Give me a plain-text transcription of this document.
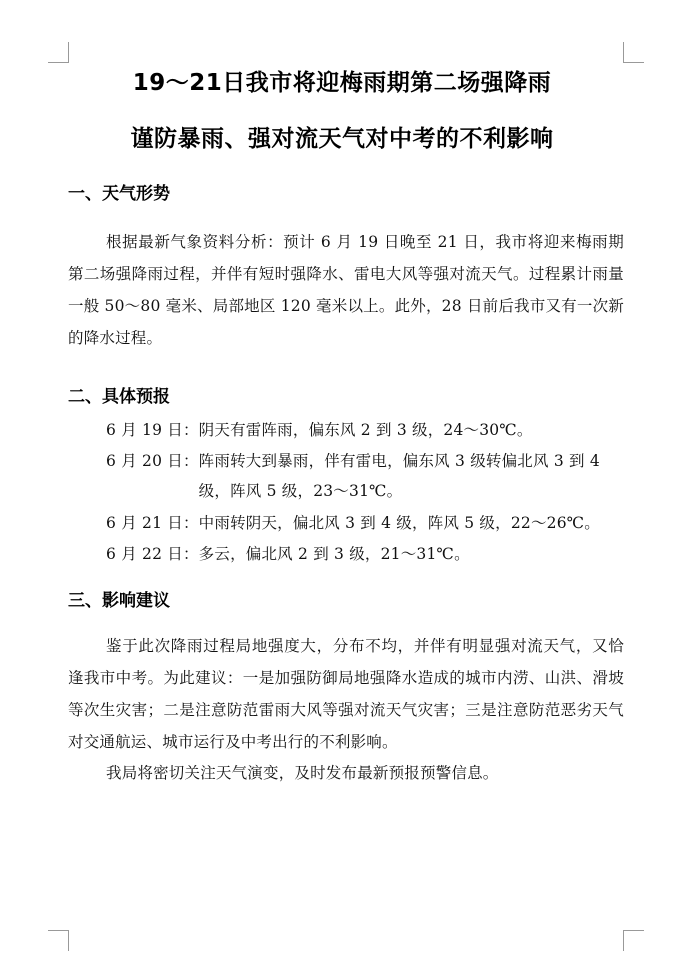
19～21日我市将迎梅雨期第二场强降雨
谨防暴雨、强对流天气对中考的不利影响
一、天气形势

根据最新气象资料分析：预计 6 月 19 日晚至 21 日，我市将迎来梅雨期第二场强降雨过程，并伴有短时强降水、雷电大风等强对流天气。过程累计雨量一般 50～80 毫米、局部地区 120 毫米以上。此外，28 日前后我市又有一次新的降水过程。

二、具体预报
6 月 19 日： 阴天有雷阵雨，偏东风 2 到 3 级，24～30℃。
6 月 20 日： 阵雨转大到暴雨，伴有雷电，偏东风 3 级转偏北风 3 到 4 级，阵风 5 级，23～31℃。
6 月 21 日： 中雨转阴天，偏北风 3 到 4 级，阵风 5 级，22～26℃。
6 月 22 日： 多云，偏北风 2 到 3 级，21～31℃。
三、影响建议

鉴于此次降雨过程局地强度大，分布不均，并伴有明显强对流天气，又恰逢我市中考。为此建议：一是加强防御局地强降水造成的城市内涝、山洪、滑坡等次生灾害；二是注意防范雷雨大风等强对流天气灾害；三是注意防范恶劣天气对交通航运、城市运行及中考出行的不利影响。

我局将密切关注天气演变，及时发布最新预报预警信息。
